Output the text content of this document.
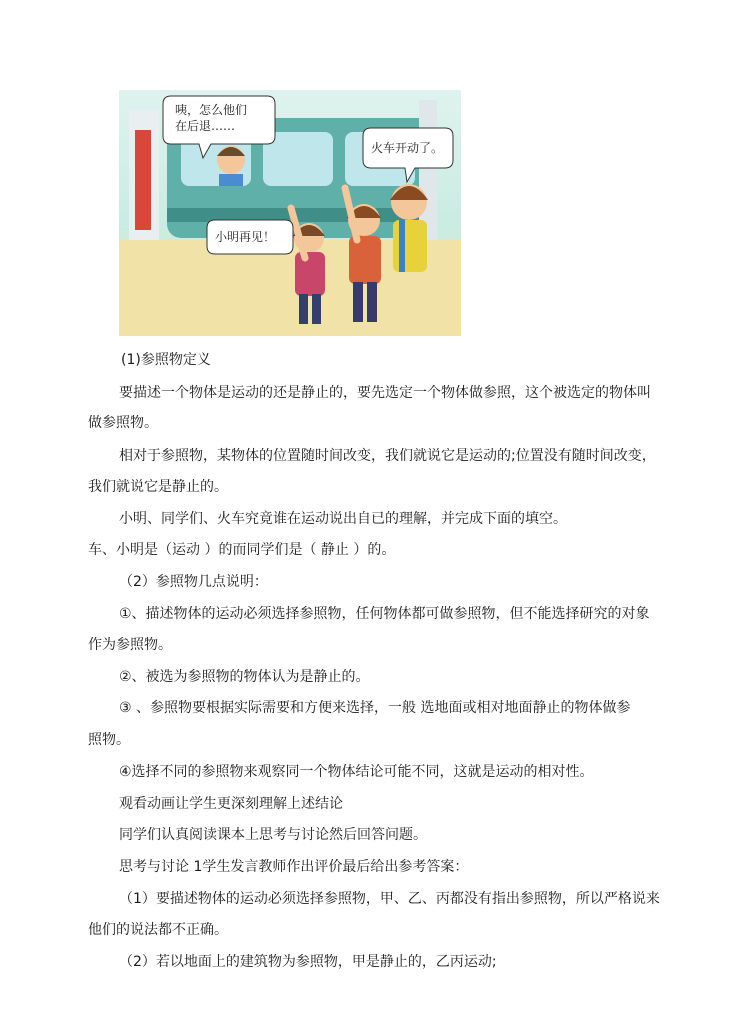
咦，怎么他们
在后退……
火车开动了。
小明再见！
(1)参照物定义
要描述一个物体是运动的还是静止的，要先选定一个物体做参照，这个被选定的物体叫
做参照物。
相对于参照物，某物体的位置随时间改变，我们就说它是运动的;位置没有随时间改变，
我们就说它是静止的。
小明、同学们、火车究竟谁在运动说出自已的理解，并完成下面的填空。
车、小明是（运动 ）的而同学们是（ 静止 ）的。
（2）参照物几点说明：
①、描述物体的运动必须选择参照物，任何物体都可做参照物，但不能选择研究的对象
作为参照物。
②、被选为参照物的物体认为是静止的。
③ 、参照物要根据实际需要和方便来选择，一般 选地面或相对地面静止的物体做参
照物。
④选择不同的参照物来观察同一个物体结论可能不同，这就是运动的相对性。
观看动画让学生更深刻理解上述结论
同学们认真阅读课本上思考与讨论然后回答问题。
思考与讨论 1学生发言教师作出评价最后给出参考答案：
（1）要描述物体的运动必须选择参照物，甲、乙、丙都没有指出参照物，所以严格说来
他们的说法都不正确。
（2）若以地面上的建筑物为参照物，甲是静止的，乙丙运动;
